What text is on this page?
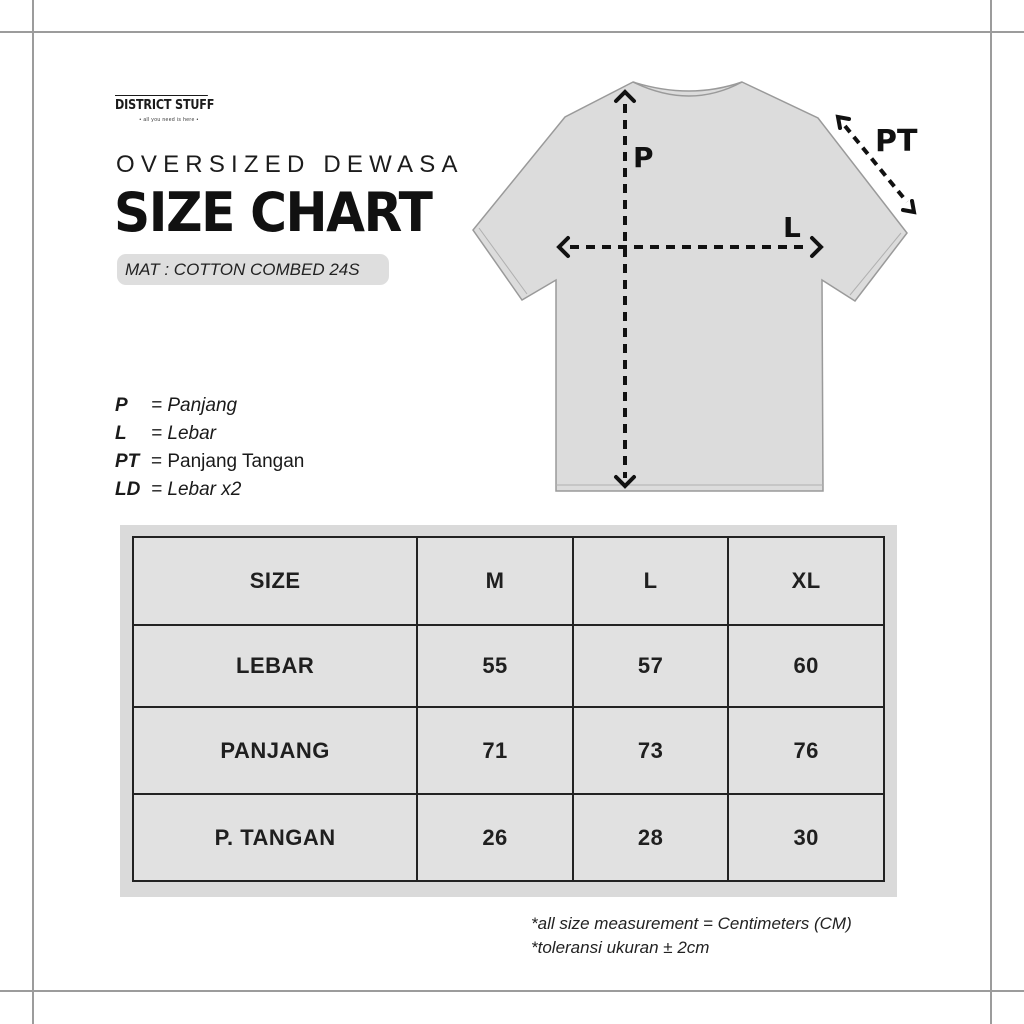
DISTRICT STUFF
• all you need is here •
OVERSIZED DEWASA
SIZE CHART
MAT : COTTON COMBED 24S
P = Panjang
L = Lebar
PT = Panjang Tangan
LD = Lebar x2
P
L
PT
SIZE	M	L	XL
LEBAR	55	57	60
PANJANG	71	73	76
P. TANGAN	26	28	30
*all size measurement = Centimeters (CM)
*toleransi ukuran ± 2cm
